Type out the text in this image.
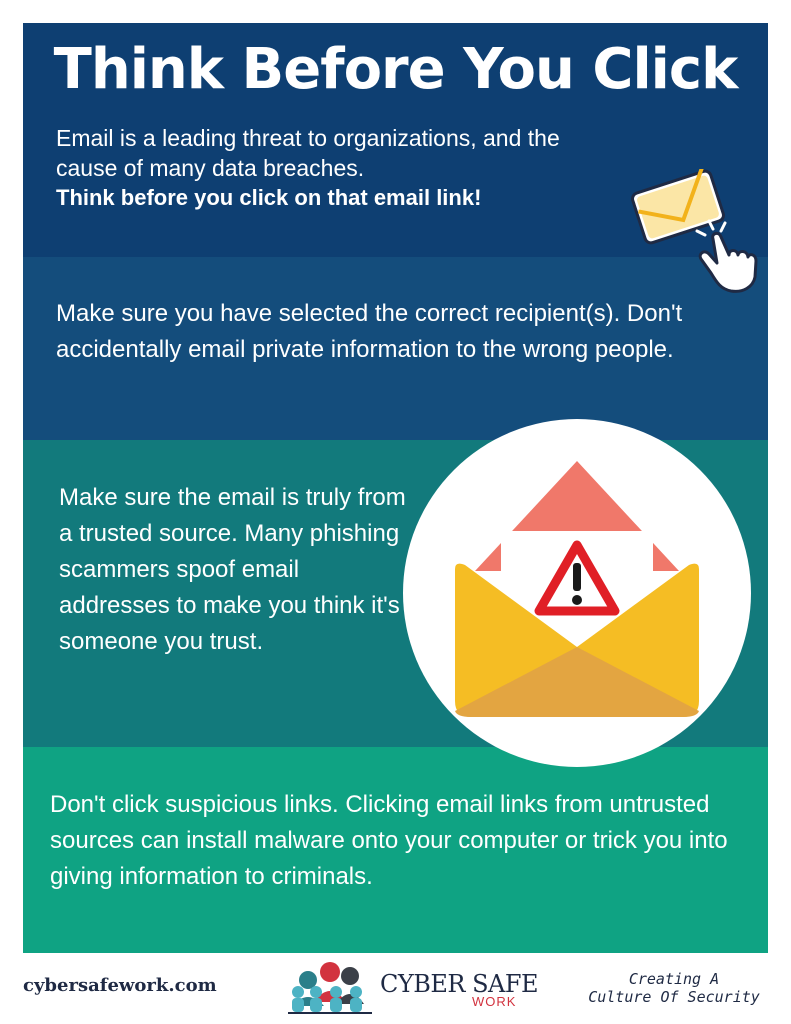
Think Before You Click

Email is a leading threat to organizations, and the cause of many data breaches.
Think before you click on that email link!

Make sure you have selected the correct recipient(s). Don't accidentally email private information to the wrong people.

Make sure the email is truly from a trusted source. Many phishing scammers spoof email addresses to make you think it's someone you trust.

Don't click suspicious links. Clicking email links from untrusted sources can install malware onto your computer or trick you into giving information to criminals.

cybersafework.com	CYBER SAFE
WORK

Creating A
Culture Of Security
